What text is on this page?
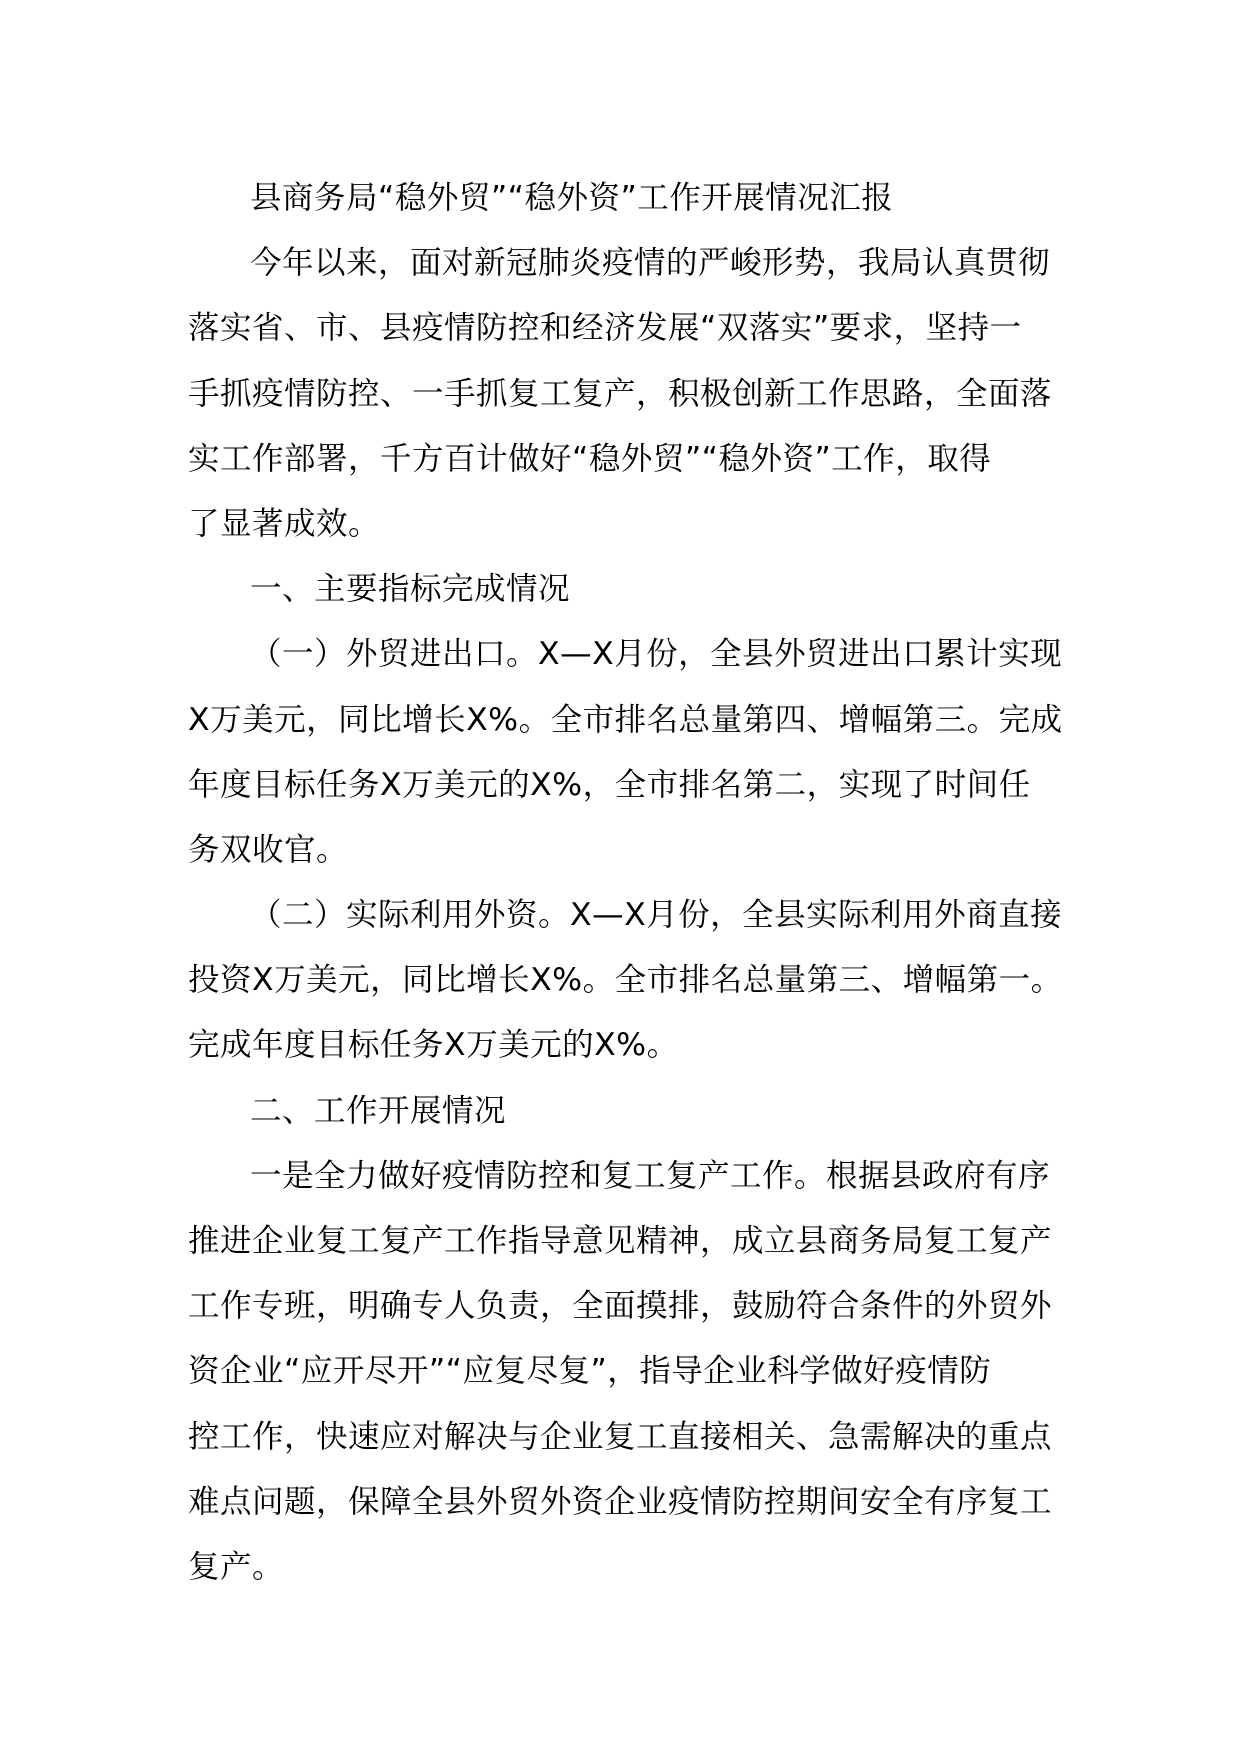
县商务局“稳外贸”“稳外资”工作开展情况汇报
今年以来，面对新冠肺炎疫情的严峻形势，我局认真贯彻
落实省、市、县疫情防控和经济发展“双落实”要求，坚持一
手抓疫情防控、一手抓复工复产，积极创新工作思路，全面落
实工作部署，千方百计做好“稳外贸”“稳外资”工作，取得
了显著成效。
一、主要指标完成情况
（一）外贸进出口。X—X月份，全县外贸进出口累计实现
X万美元，同比增长X%。全市排名总量第四、增幅第三。完成
年度目标任务X万美元的X%，全市排名第二，实现了时间任
务双收官。
（二）实际利用外资。X—X月份，全县实际利用外商直接
投资X万美元，同比增长X%。全市排名总量第三、增幅第一。
完成年度目标任务X万美元的X%。
二、工作开展情况
一是全力做好疫情防控和复工复产工作。根据县政府有序
推进企业复工复产工作指导意见精神，成立县商务局复工复产
工作专班，明确专人负责，全面摸排，鼓励符合条件的外贸外
资企业“应开尽开”“应复尽复”，指导企业科学做好疫情防
控工作，快速应对解决与企业复工直接相关、急需解决的重点
难点问题，保障全县外贸外资企业疫情防控期间安全有序复工
复产。
